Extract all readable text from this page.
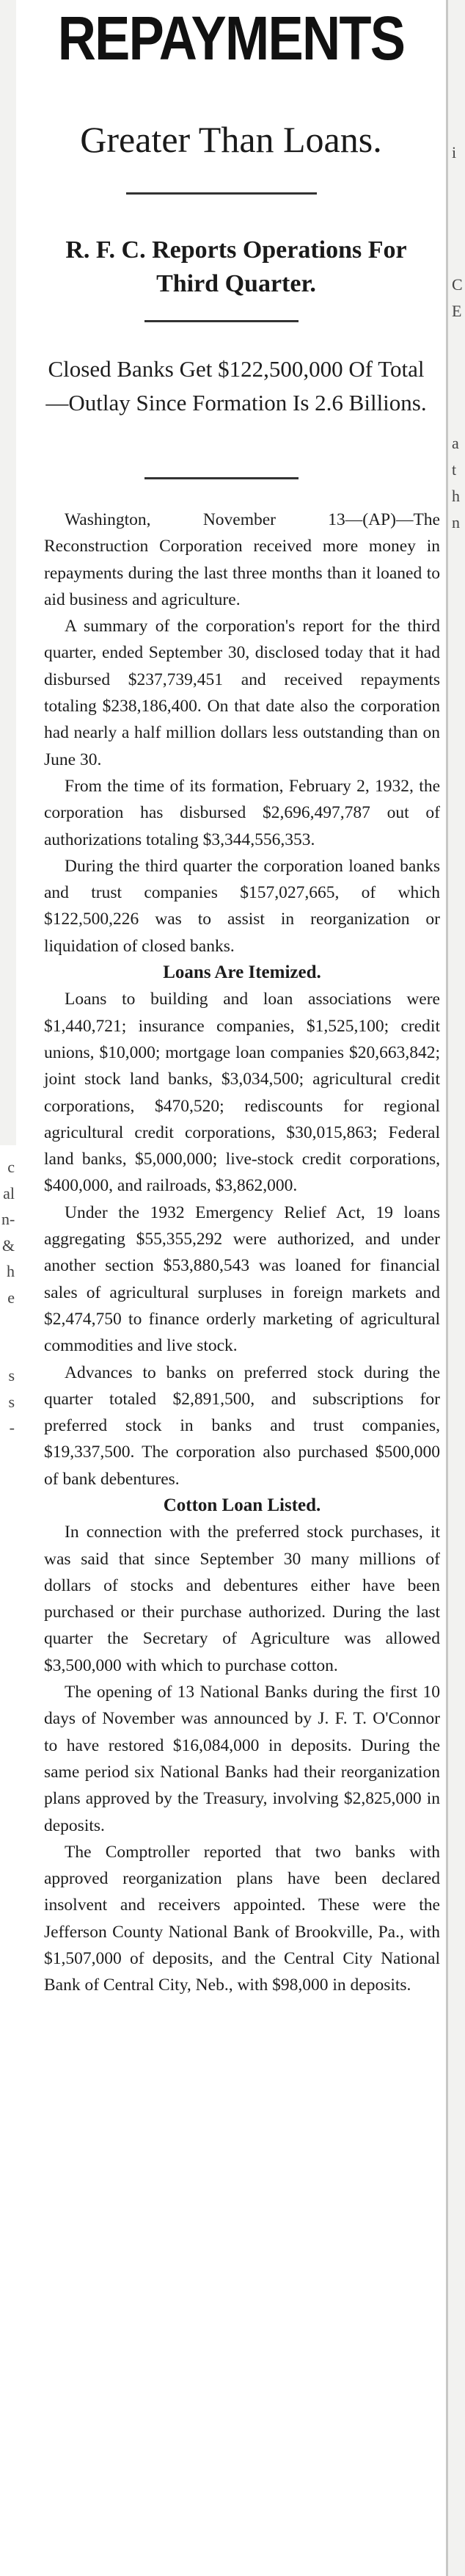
i
C
E
a
t
h
n
c
al
n-
&
h
e
s
s
-
REPAYMENTS
Greater Than Loans.
R. F. C. Reports Operations For Third Quarter.
Closed Banks Get $122,500,000 Of Total—Outlay Since Formation Is 2.6 Billions.

Washington, November 13—(AP)—The Reconstruction Corporation received more money in repayments during the last three months than it loaned to aid business and agriculture.

A summary of the corporation's report for the third quarter, ended September 30, disclosed today that it had disbursed $237,739,451 and received repayments totaling $238,186,400. On that date also the corporation had nearly a half million dollars less outstanding than on June 30.

From the time of its formation, February 2, 1932, the corporation has disbursed $2,696,497,787 out of authorizations totaling $3,344,556,353.

During the third quarter the corporation loaned banks and trust companies $157,027,665, of which $122,500,226 was to assist in reorganization or liquidation of closed banks.

Loans Are Itemized.

Loans to building and loan associations were $1,440,721; insurance companies, $1,525,100; credit unions, $10,000; mortgage loan companies $20,663,842; joint stock land banks, $3,034,500; agricultural credit corporations, $470,520; rediscounts for regional agricultural credit corporations, $30,015,863; Federal land banks, $5,000,000; live-stock credit corporations, $400,000, and railroads, $3,862,000.

Under the 1932 Emergency Relief Act, 19 loans aggregating $55,355,292 were authorized, and under another section $53,880,543 was loaned for financial sales of agricultural surpluses in foreign markets and $2,474,750 to finance orderly marketing of agricultural commodities and live stock.

Advances to banks on preferred stock during the quarter totaled $2,891,500, and subscriptions for preferred stock in banks and trust companies, $19,337,500. The corporation also purchased $500,000 of bank debentures.

Cotton Loan Listed.

In connection with the preferred stock purchases, it was said that since September 30 many millions of dollars of stocks and debentures either have been purchased or their purchase authorized. During the last quarter the Secretary of Agriculture was allowed $3,500,000 with which to purchase cotton.

The opening of 13 National Banks during the first 10 days of November was announced by J. F. T. O'Connor to have restored $16,084,000 in deposits. During the same period six National Banks had their reorganization plans approved by the Treasury, involving $2,825,000 in deposits.

The Comptroller reported that two banks with approved reorganization plans have been declared insolvent and receivers appointed. These were the Jefferson County National Bank of Brookville, Pa., with $1,507,000 of deposits, and the Central City National Bank of Central City, Neb., with $98,000 in deposits.
